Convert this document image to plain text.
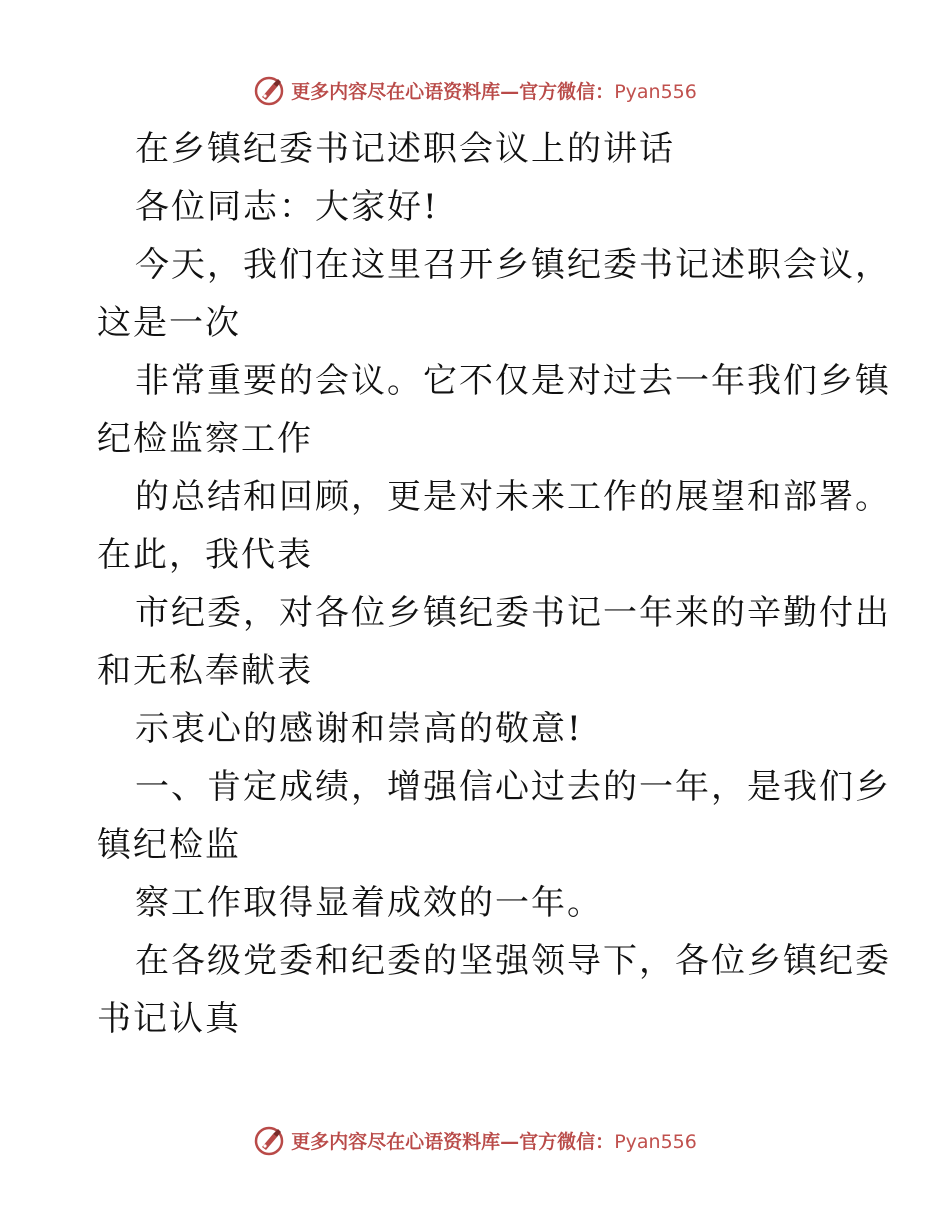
更多内容尽在心语资料库—官方微信：Pyan556
在乡镇纪委书记述职会议上的讲话
各位同志：大家好!
今天，我们在这里召开乡镇纪委书记述职会议，
这是一次
非常重要的会议。它不仅是对过去一年我们乡镇
纪检监察工作
的总结和回顾，更是对未来工作的展望和部署。
在此，我代表
市纪委，对各位乡镇纪委书记一年来的辛勤付出
和无私奉献表
示衷心的感谢和崇高的敬意!
一、肯定成绩，增强信心过去的一年，是我们乡
镇纪检监
察工作取得显着成效的一年。
在各级党委和纪委的坚强领导下，各位乡镇纪委
书记认真
更多内容尽在心语资料库—官方微信：Pyan556
